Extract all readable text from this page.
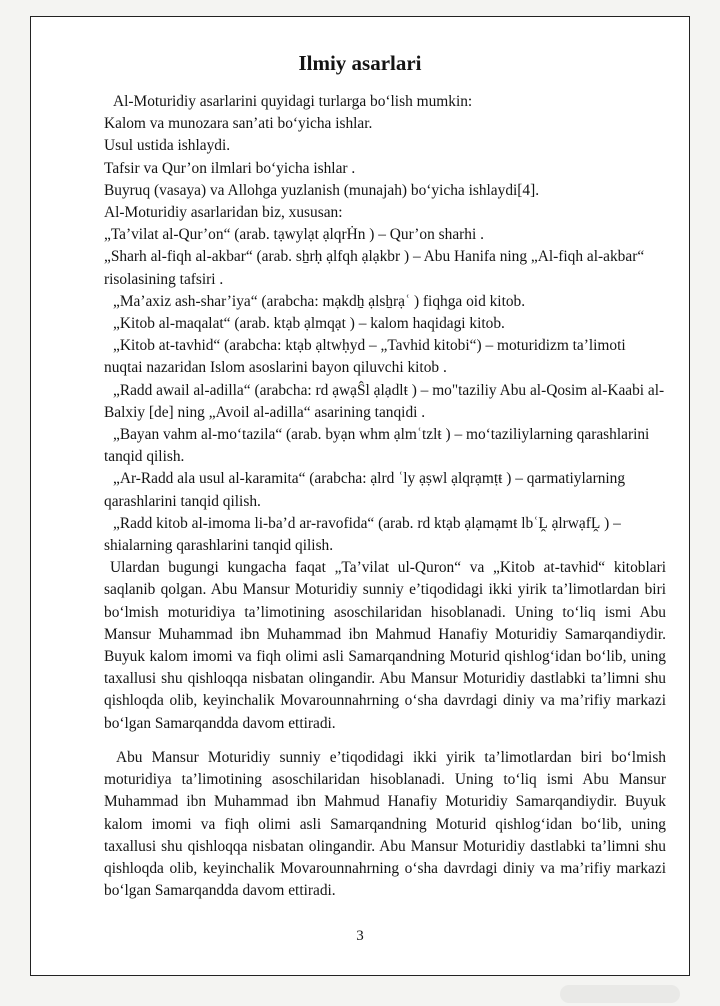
Ilmiy asarlari

Al-Moturidiy asarlarini quyidagi turlarga bo‘lish mumkin:

Kalom va munozara san’ati bo‘yicha ishlar.

Usul ustida ishlaydi.

Tafsir va Qur’on ilmlari bo‘yicha ishlar .

Buyruq (vasaya) va Allohga yuzlanish (munajah) bo‘yicha ishlaydi[4].

Al-Moturidiy asarlaridan biz, xususan:

„Ta’vilat al-Qur’on“ (arab. tạwylạt ạlqrḢn ) – Qur’on sharhi .

„Sharh al-fiqh al-akbar“ (arab. sẖrḥ ạlfqh ạlạkbr ) – Abu Hanifa ning „Al-fiqh al-akbar“ risolasining tafsiri .

„Ma’axiz ash-shar’iya“ (arabcha: mạkdẖ ạlsẖrạʿ ) fiqhga oid kitob.

„Kitob al-maqalat“ (arab. ktạb ạlmqạt ) – kalom haqidagi kitob.

„Kitob at-tavhid“ (arabcha: ktạb ạltwḥyd – „Tavhid kitobi“) – moturidizm ta’limoti nuqtai nazaridan Islom asoslarini bayon qiluvchi kitob .

„Radd awail al-adilla“ (arabcha: rd ạwạŜl ạlạdlŧ ) – mo"taziliy Abu al-Qosim al-Kaabi al-Balxiy [de] ning „Avoil al-adilla“ asarining tanqidi .

„Bayan vahm al-mo‘tazila“ (arab. byạn whm ạlmʿtzlŧ ) – mo‘taziliylarning qarashlarini tanqid qilish.

„Ar-Radd ala usul al-karamita“ (arabcha: ạlrd ʿly ạṣwl ạlqrạmṭŧ ) – qarmatiylarning qarashlarini tanqid qilish.

„Radd kitob al-imoma li-ba’d ar-ravofida“ (arab. rd ktạb ạlạmạmŧ lbʿḼ ạlrwạfḼ ) – shialarning qarashlarini tanqid qilish.

Ulardan bugungi kungacha faqat „Ta’vilat ul-Quron“ va „Kitob at-tavhid“ kitoblari saqlanib qolgan. Abu Mansur Moturidiy sunniy e’tiqodidagi ikki yirik ta’limotlardan biri bo‘lmish moturidiya ta’limotining asoschilaridan hisoblanadi. Uning to‘liq ismi Abu Mansur Muhammad ibn Muhammad ibn Mahmud Hanafiy Moturidiy Samarqandiydir. Buyuk kalom imomi va fiqh olimi asli Samarqandning Moturid qishlog‘idan bo‘lib, uning taxallusi shu qishloqqa nisbatan olingandir. Abu Mansur Moturidiy dastlabki ta’limni shu qishloqda olib, keyinchalik Movarounnahrning o‘sha davrdagi diniy va ma’rifiy markazi bo‘lgan Samarqandda davom ettiradi.

Abu Mansur Moturidiy sunniy e’tiqodidagi ikki yirik ta’limotlardan biri bo‘lmish moturidiya ta’limotining asoschilaridan hisoblanadi. Uning to‘liq ismi Abu Mansur Muhammad ibn Muhammad ibn Mahmud Hanafiy Moturidiy Samarqandiydir. Buyuk kalom imomi va fiqh olimi asli Samarqandning Moturid qishlog‘idan bo‘lib, uning taxallusi shu qishloqqa nisbatan olingandir. Abu Mansur Moturidiy dastlabki ta’limni shu qishloqda olib, keyinchalik Movarounnahrning o‘sha davrdagi diniy va ma’rifiy markazi bo‘lgan Samarqandda davom ettiradi.

3
